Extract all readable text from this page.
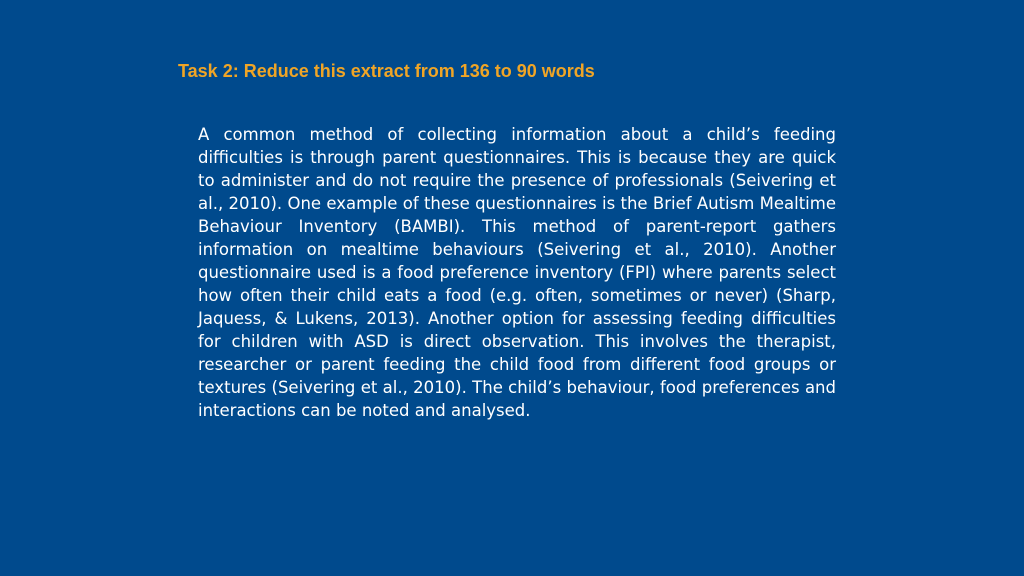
Task 2: Reduce this extract from 136 to 90 words

A common method of collecting information about a child’s feeding difficulties is through parent questionnaires. This is because they are quick to administer and do not require the presence of professionals (Seivering et al., 2010). One example of these questionnaires is the Brief Autism Mealtime Behaviour Inventory (BAMBI). This method of parent-report gathers information on mealtime behaviours (Seivering et al., 2010). Another questionnaire used is a food preference inventory (FPI) where parents select how often their child eats a food (e.g. often, sometimes or never) (Sharp, Jaquess, & Lukens, 2013). Another option for assessing feeding difficulties for children with ASD is direct observation. This involves the therapist, researcher or parent feeding the child food from different food groups or textures (Seivering et al., 2010). The child’s behaviour, food preferences and interactions can be noted and analysed.
